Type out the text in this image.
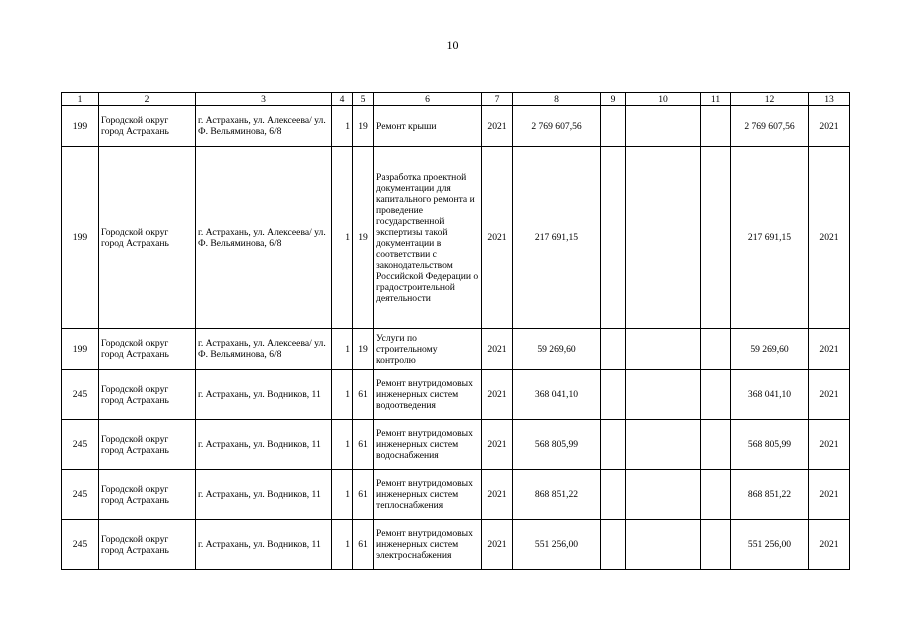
10
1	2	3	4	5	6	7	8	9	10	11	12	13
199	Городской округ город Астрахань	г. Астрахань, ул. Алексеева/ ул. Ф. Вельяминова, 6/8	1	19	Ремонт крыши	2021	2 769 607,56				2 769 607,56	2021
199	Городской округ город Астрахань	г. Астрахань, ул. Алексеева/ ул. Ф. Вельяминова, 6/8	1	19	Разработка проектной документации для капитального ремонта и проведение государственной экспертизы такой документации в соответствии с законодательством Российской Федерации о градостроительной деятельности	2021	217 691,15				217 691,15	2021
199	Городской округ город Астрахань	г. Астрахань, ул. Алексеева/ ул. Ф. Вельяминова, 6/8	1	19	Услуги по строительному контролю	2021	59 269,60				59 269,60	2021
245	Городской округ город Астрахань	г. Астрахань, ул. Водников, 11	1	61	Ремонт внутридомовых инженерных систем водоотведения	2021	368 041,10				368 041,10	2021
245	Городской округ город Астрахань	г. Астрахань, ул. Водников, 11	1	61	Ремонт внутридомовых инженерных систем водоснабжения	2021	568 805,99				568 805,99	2021
245	Городской округ город Астрахань	г. Астрахань, ул. Водников, 11	1	61	Ремонт внутридомовых инженерных систем теплоснабжения	2021	868 851,22				868 851,22	2021
245	Городской округ город Астрахань	г. Астрахань, ул. Водников, 11	1	61	Ремонт внутридомовых инженерных систем электроснабжения	2021	551 256,00				551 256,00	2021
